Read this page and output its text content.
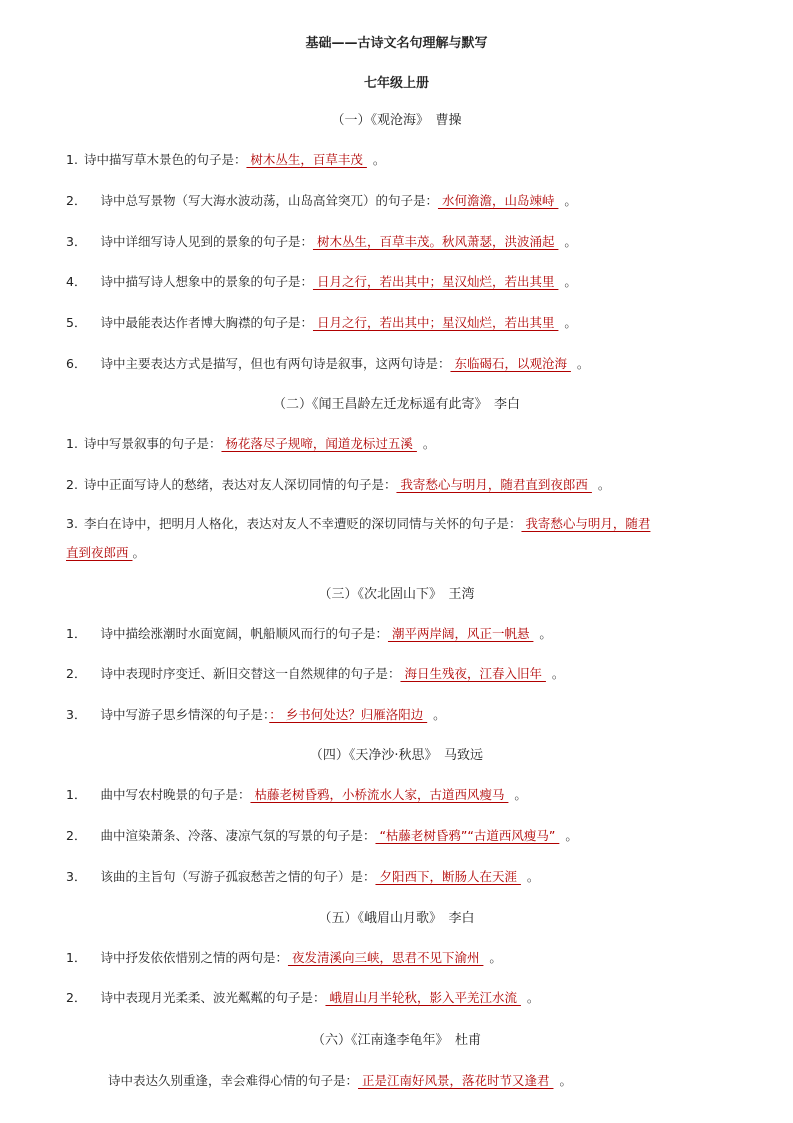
基础——古诗文名句理解与默写
七年级上册
（一）《观沧海》　曹操
1. 诗中描写草木景色的句子是： 树木丛生，百草丰茂 。
2． 诗中总写景物（写大海水波动荡，山岛高耸突兀）的句子是： 水何澹澹，山岛竦峙 。
3． 诗中详细写诗人见到的景象的句子是： 树木丛生，百草丰茂。秋风萧瑟，洪波涌起 。
4． 诗中描写诗人想象中的景象的句子是： 日月之行，若出其中；星汉灿烂，若出其里 。
5． 诗中最能表达作者博大胸襟的句子是： 日月之行，若出其中；星汉灿烂，若出其里 。
6． 诗中主要表达方式是描写，但也有两句诗是叙事，这两句诗是： 东临碣石，以观沧海 。
（二）《闻王昌龄左迁龙标遥有此寄》　李白
1. 诗中写景叙事的句子是： 杨花落尽子规啼，闻道龙标过五溪 。
2. 诗中正面写诗人的愁绪，表达对友人深切同情的句子是： 我寄愁心与明月，随君直到夜郎西 。
3. 李白在诗中，把明月人格化，表达对友人不幸遭贬的深切同情与关怀的句子是： 我寄愁心与明月，随君
直到夜郎西 。
（三）《次北固山下》　王湾
1． 诗中描绘涨潮时水面宽阔，帆船顺风而行的句子是： 潮平两岸阔，风正一帆悬 。
2． 诗中表现时序变迁、新旧交替这一自然规律的句子是： 海日生残夜，江春入旧年 。
3． 诗中写游子思乡情深的句子是：： 乡书何处达？归雁洛阳边 。
（四）《天净沙·秋思》　马致远
1． 曲中写农村晚景的句子是： 枯藤老树昏鸦，小桥流水人家，古道西风瘦马 。
2． 曲中渲染萧条、冷落、凄凉气氛的写景的句子是： “枯藤老树昏鸦”“古道西风瘦马” 。
3． 该曲的主旨句（写游子孤寂愁苦之情的句子）是： 夕阳西下，断肠人在天涯 。
（五）《峨眉山月歌》　李白
1． 诗中抒发依依惜别之情的两句是： 夜发清溪向三峡，思君不见下渝州 。
2． 诗中表现月光柔柔、波光粼粼的句子是： 峨眉山月半轮秋，影入平羌江水流 。
（六）《江南逢李龟年》　杜甫
诗中表达久别重逢，幸会难得心情的句子是： 正是江南好风景，落花时节又逢君 。
